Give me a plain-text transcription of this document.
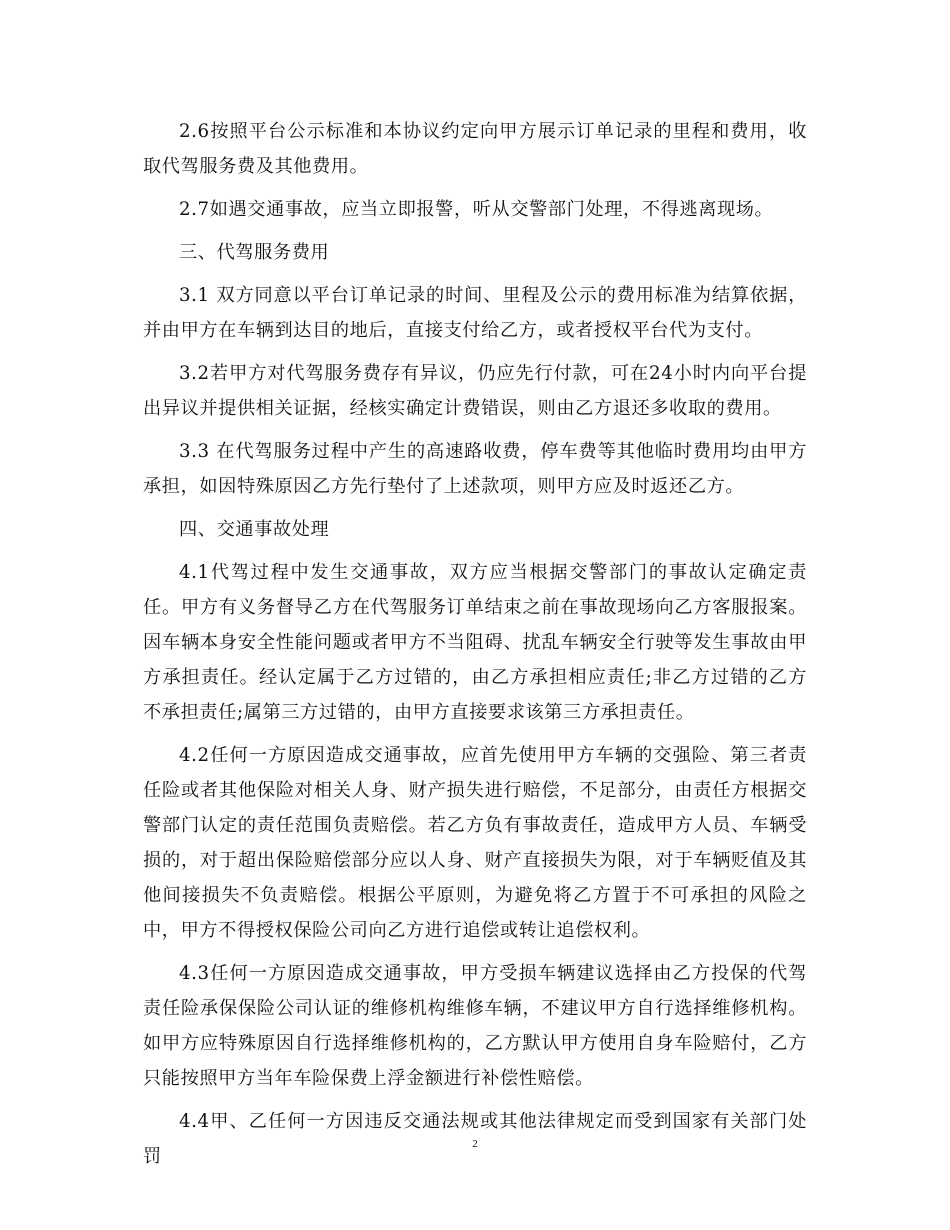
2.6按照平台公示标准和本协议约定向甲方展示订单记录的里程和费用，收取代驾服务费及其他费用。

2.7如遇交通事故，应当立即报警，听从交警部门处理，不得逃离现场。

三、代驾服务费用

3.1 双方同意以平台订单记录的时间、里程及公示的费用标准为结算依据，并由甲方在车辆到达目的地后，直接支付给乙方，或者授权平台代为支付。

3.2若甲方对代驾服务费存有异议，仍应先行付款，可在24小时内向平台提出异议并提供相关证据，经核实确定计费错误，则由乙方退还多收取的费用。

3.3 在代驾服务过程中产生的高速路收费，停车费等其他临时费用均由甲方承担，如因特殊原因乙方先行垫付了上述款项，则甲方应及时返还乙方。

四、交通事故处理

4.1代驾过程中发生交通事故，双方应当根据交警部门的事故认定确定责任。甲方有义务督导乙方在代驾服务订单结束之前在事故现场向乙方客服报案。因车辆本身安全性能问题或者甲方不当阻碍、扰乱车辆安全行驶等发生事故由甲方承担责任。经认定属于乙方过错的，由乙方承担相应责任;非乙方过错的乙方不承担责任;属第三方过错的，由甲方直接要求该第三方承担责任。

4.2任何一方原因造成交通事故，应首先使用甲方车辆的交强险、第三者责任险或者其他保险对相关人身、财产损失进行赔偿，不足部分，由责任方根据交警部门认定的责任范围负责赔偿。若乙方负有事故责任，造成甲方人员、车辆受损的，对于超出保险赔偿部分应以人身、财产直接损失为限，对于车辆贬值及其他间接损失不负责赔偿。根据公平原则，为避免将乙方置于不可承担的风险之中，甲方不得授权保险公司向乙方进行追偿或转让追偿权利。

4.3任何一方原因造成交通事故，甲方受损车辆建议选择由乙方投保的代驾责任险承保保险公司认证的维修机构维修车辆，不建议甲方自行选择维修机构。如甲方应特殊原因自行选择维修机构的，乙方默认甲方使用自身车险赔付，乙方只能按照甲方当年车险保费上浮金额进行补偿性赔偿。

4.4甲、乙任何一方因违反交通法规或其他法律规定而受到国家有关部门处罚

2
